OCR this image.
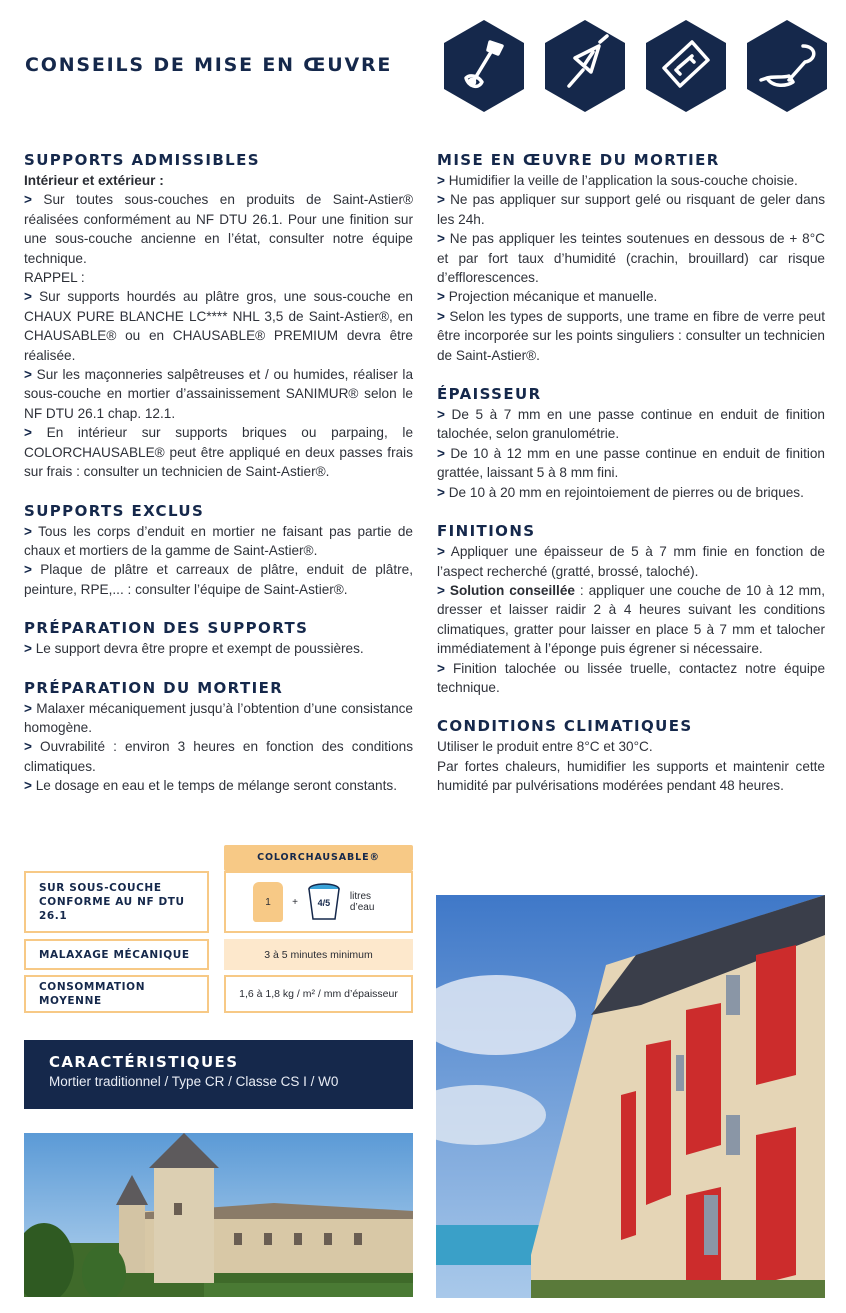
CONSEILS DE MISE EN ŒUVRE
SUPPORTS ADMISSIBLES

Intérieur et extérieur :

> Sur toutes sous-couches en produits de Saint-Astier® réalisées conformément au NF DTU 26.1. Pour une finition sur une sous-couche ancienne en l’état, consulter notre équipe technique.

RAPPEL :

> Sur supports hourdés au plâtre gros, une sous-couche en CHAUX PURE BLANCHE LC**** NHL 3,5 de Saint-Astier®, en CHAUSABLE® ou en CHAUSABLE® PREMIUM devra être réalisée.

> Sur les maçonneries salpêtreuses et / ou humides, réaliser la sous-couche en mortier d’assainissement SANIMUR® selon le NF DTU 26.1 chap. 12.1.

> En intérieur sur supports briques ou parpaing, le COLORCHAUSABLE® peut être appliqué en deux passes frais sur frais : consulter un technicien de Saint-Astier®.

SUPPORTS EXCLUS

> Tous les corps d’enduit en mortier ne faisant pas partie de chaux et mortiers de la gamme de Saint-Astier®.

> Plaque de plâtre et carreaux de plâtre, enduit de plâtre, peinture, RPE,... : consulter l’équipe de Saint-Astier®.

PRÉPARATION DES SUPPORTS

> Le support devra être propre et exempt de poussières.

PRÉPARATION DU MORTIER

> Malaxer mécaniquement jusqu’à l’obtention d’une consistance homogène.

> Ouvrabilité : environ 3 heures en fonction des conditions climatiques.

> Le dosage en eau et le temps de mélange seront constants.

MISE EN ŒUVRE DU MORTIER

> Humidifier la veille de l’application la sous-couche choisie.

> Ne pas appliquer sur support gelé ou risquant de geler dans les 24h.

> Ne pas appliquer les teintes soutenues en dessous de + 8°C et par fort taux d’humidité (crachin, brouillard) car risque d’efflorescences.

> Projection mécanique et manuelle.

> Selon les types de supports, une trame en fibre de verre peut être incorporée sur les points singuliers : consulter un technicien de Saint-Astier®.

ÉPAISSEUR

> De 5 à 7 mm en une passe continue en enduit de finition talochée, selon granulométrie.

> De 10 à 12 mm en une passe continue en enduit de finition grattée, laissant 5 à 8 mm fini.

> De 10 à 20 mm en rejointoiement de pierres ou de briques.

FINITIONS

> Appliquer une épaisseur de 5 à 7 mm finie en fonction de l’aspect recherché (gratté, brossé, taloché).

> Solution conseillée : appliquer une couche de 10 à 12 mm, dresser et laisser raidir 2 à 4 heures suivant les conditions climatiques, gratter pour laisser en place 5 à 7 mm et talocher immédiatement à l’éponge puis égrener si nécessaire.

> Finition talochée ou lissée truelle, contactez notre équipe technique.

CONDITIONS CLIMATIQUES

Utiliser le produit entre 8°C et 30°C.

Par fortes chaleurs, humidifier les supports et maintenir cette humidité par pulvérisations modérées pendant 48 heures.

COLORCHAUSABLE®
SUR SOUS-COUCHE CONFORME AU NF DTU 26.1
1 +	4/5
litres d’eau
MALAXAGE MÉCANIQUE	3 à 5 minutes minimum
CONSOMMATION MOYENNE
1,6 à 1,8 kg / m² / mm d’épaisseur
CARACTÉRISTIQUES
Mortier traditionnel / Type CR / Classe CS I / W0
